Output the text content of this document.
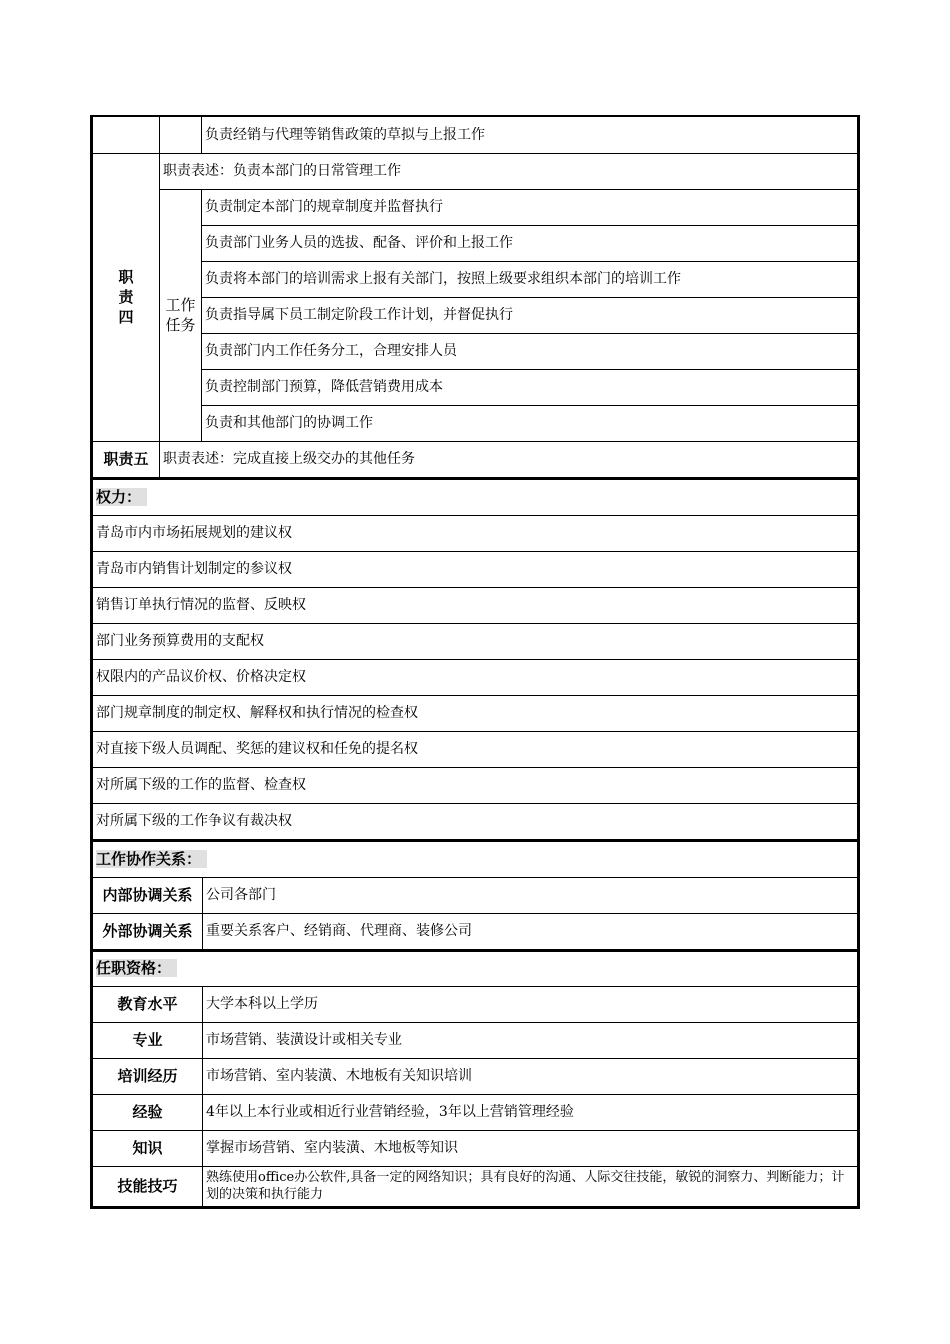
		负责经销与代理等销售政策的草拟与上报工作

职
责
四	职责表述：负责本部门的日常管理工作	

	工作
任务	负责制定本部门的规章制度并监督执行
		负责部门业务人员的选拔、配备、评价和上报工作
		负责将本部门的培训需求上报有关部门，按照上级要求组织本部门的培训工作
		负责指导属下员工制定阶段工作计划，并督促执行
		负责部门内工作任务分工，合理安排人员
		负责控制部门预算，降低营销费用成本
		负责和其他部门的协调工作
职责五	职责表述：完成直接上级交办的其他任务	
权力：
青岛市内市场拓展规划的建议权
青岛市内销售计划制定的参议权
销售订单执行情况的监督、反映权
部门业务预算费用的支配权
权限内的产品议价权、价格决定权
部门规章制度的制定权、解释权和执行情况的检查权
对直接下级人员调配、奖惩的建议权和任免的提名权
对所属下级的工作的监督、检查权
对所属下级的工作争议有裁决权
工作协作关系：	
内部协调关系	公司各部门
外部协调关系	重要关系客户、经销商、代理商、装修公司
任职资格：	
教育水平	大学本科以上学历
专业	市场营销、装潢设计或相关专业
培训经历	市场营销、室内装潢、木地板有关知识培训
经验	4年以上本行业或相近行业营销经验，3年以上营销管理经验
知识	掌握市场营销、室内装潢、木地板等知识
技能技巧	熟练使用office办公软件,具备一定的网络知识；具有良好的沟通、人际交往技能，敏锐的洞察力、判断能力；计划的决策和执行能力
